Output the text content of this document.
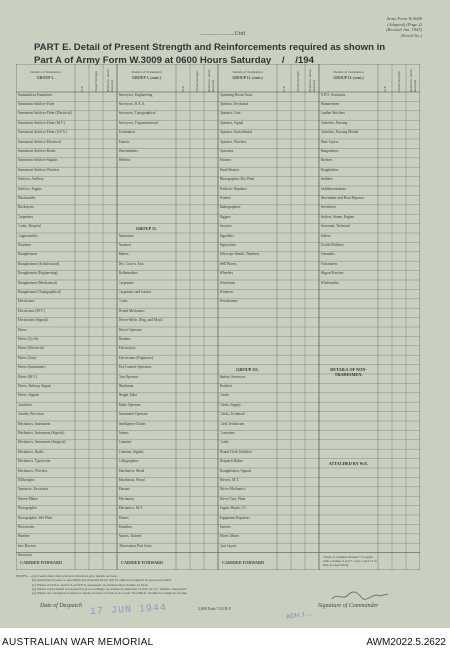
Army Form W.3009
(Adapted) (Page 2)
(Revised Jan. 1943)
(Serial No.)
.......................Unit
PART E. Detail of Present Strength and Reinforcements required as shown in
Part A of Army Form W.3009 at 0600 Hours Saturday    /    /194
Details of Tradesmen
GROUP 1.
W.E.	Posted Strength	Reinforce- ments Required
Ammunition Examiners
Armament Artificer Fitter
Armament Artificer Fitter (Electrical)
Armament Artificer Fitter (M.V.)
Armament Artificer Fitter (A.F.V.)
Armament Artificer Electrical
Armament Artificer Radio
Armament Artificer Signals
Armament Artificer Wireless
Artificer, Artillery
Artificer, Engine
Blacksmiths
Bricklayers
Carpenters
Cooks, Hospital
Coppersmiths
Draymen
Draughtsmen
Draughtsmen (Architectural)
Draughtsmen (Engineering)
Draughtsmen (Mechanical)
Draughtsmen (Topographical)
Electricians
Electricians (M.V.)
Electricians (Signals)
Fitters
Fitters (Cycle)
Fitters (Electrical)
Fitters (Gun)
Fitters (Instrument)
Fitters (M.V.)
Fitters, Railway Signal
Fitters, Signals
Gunfitters
Grinder, Precision
Mechanics, Instrument
Mechanics, Instrument (Signals)
Mechanics, Instrument (Surgical)
Mechanics, Radio
Mechanics, Typewriter
Mechanics, Wireless
Millwrights
Operators, Excavator
Pattern Maker
Photographer
Photographer, Wet Plate
Photowriter
Plumber
Saw Doctors
Surveyors
CARRIED FORWARD
Details of Tradesmen
GROUP 1. (cont.)
W.E.	Posted Strength	Reinforce- ments Required
Surveyors, Engineering
Surveyors, R.A.A.
Surveyors, Topographical
Surveyors, Trigonometrical
Toolmakers
Turners
Watchmakers
Welders
GROUP 11.
Armourers
Axemen
Bakers
Dry. Conc'n. Asst.
Boilermakers
Carpenters
Carpenters and Joiners
Cooks
Dental Mechanics
Driver-Mech. (Eng. and Mod.)
Driver-Operator
Drainers
Electrolysis
Electricians (Engineers)
Fire Control Operators
Gun Operator
Hatchman
Height Taker
Radio Operator
Instrument Operator
Intelligence Duties
Joiners
Linemen
Linemen, Signals
Lithographers
Machine'ts, Metal
Machinists, Wood
Masons
Mechanics
Mechanics, M.T.
Miners
Moulders
Nurses, Trained
Observation Post Assts.
CARRIED FORWARD
Details of Tradesmen
GROUP 11. (cont.)
W.E.	Posted Strength	Reinforce- ments Required
Operating Room Assts.
Operator, Keyboard
Operator, Line
Operator, Signal
Operator, Switchboard
Operator, Wireless
Opticians
Painters
Panel Beaters
Photographer, Dry Plate
Predictor Numbers
Printers
Radiographers
Riggers
Sawyers
Signallers
Signwriters
Telescope Identif. Numbers
Well Borers
Wheelers
Winchmen
Wiremen
Woodturners
GROUP 111.
Battery Surveyors
Butchers
Clerks
Clerks, Supply
Clerks, Technical
Clerk Technician
Concreters
Cooks
Dental Clerk Orderlies
Despatch Riders
Draughtsmen, Signals
Drivers, M.T.
Driver Mechanics
Driver Tyre, Plant
Engine Hands, I.C.
Equipment Repairers
Farriers
Fitters' Mates
Gun Layers
CARRIED FORWARD
Details of Tradesmen
GROUP 11. (cont.)
W.E.	Posted Strength	Reinforce- ments Required
N.P.O. Assistants
Hammermen
Leather Stitchers
Orderlies, Nursing
Orderlies, Nursing Mental
Plate Layers
Rangetakers
Riveters
Roughriders
Saddlers
Saddletreemakers
Shoemaker and Boot Repairer
Stevedores
Stokers, Steam, Engine
Storemen, Technical
Tailors
Textile Refitters
Tinsmiths
Vulcanizers
Wagon Erectors
Whitesmiths
DETAILS OF NON-TRADESMEN.
ATTACHED BY W.E.
Totals of columns Marked * to agree with columns 4 and 7, rows 1 and 13 of Part A respectively.
NOTES.—(a) If such other than private is involved give details on back.
(b) Authorized trades or specialists not included in list will be added as required in spaces provided.
(c) Where A.W.E.S. and/or A.A.W.E.S. personnel are desired show details on back.
(d) Where replacement not desired note accordingly on returns by insertion of N.R. in col. "Reinfts. Required".
(e) Where not enough of notation is made on back of form, tick words "See Back" should be written in red ink.
Date of Despatch 17 JUN 1944	2,000 Pads 7/43 B.P.	Signature of Commander
ADH 1 ...
AUSTRALIAN WAR MEMORIAL	AWM2022.5.2622
